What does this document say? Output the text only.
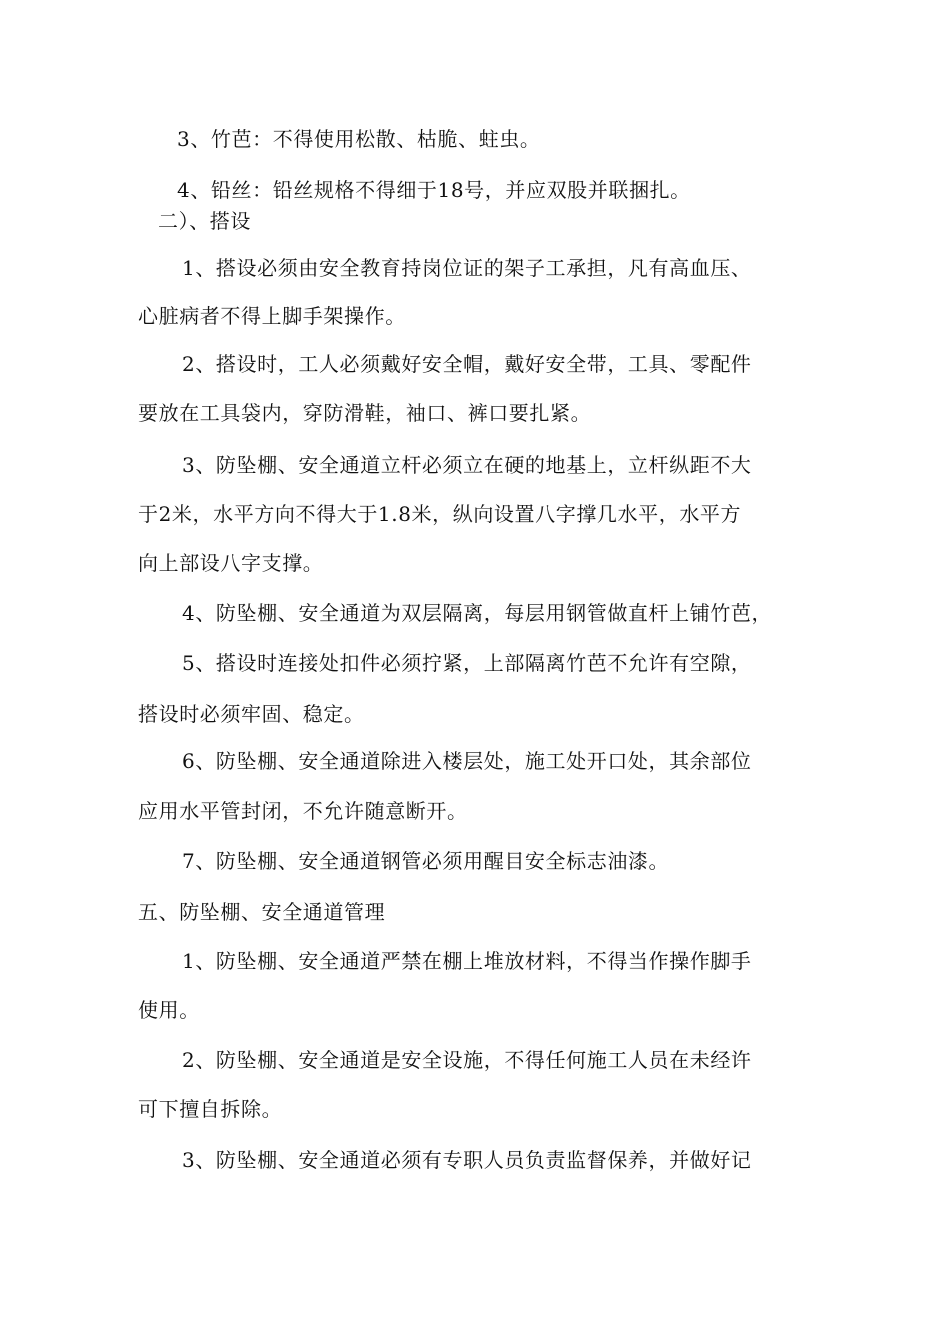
3、竹芭：不得使用松散、枯脆、蛀虫。
4、铅丝：铅丝规格不得细于18号，并应双股并联捆扎。
二）、搭设
1、搭设必须由安全教育持岗位证的架子工承担，凡有高血压、
心脏病者不得上脚手架操作。
2、搭设时，工人必须戴好安全帽，戴好安全带，工具、零配件
要放在工具袋内，穿防滑鞋，袖口、裤口要扎紧。
3、防坠棚、安全通道立杆必须立在硬的地基上，立杆纵距不大
于2米，水平方向不得大于1.8米，纵向设置八字撑几水平，水平方
向上部设八字支撑。
4、防坠棚、安全通道为双层隔离，每层用钢管做直杆上铺竹芭，
5、搭设时连接处扣件必须拧紧，上部隔离竹芭不允许有空隙，
搭设时必须牢固、稳定。
6、防坠棚、安全通道除进入楼层处，施工处开口处，其余部位
应用水平管封闭，不允许随意断开。
7、防坠棚、安全通道钢管必须用醒目安全标志油漆。
五、防坠棚、安全通道管理
1、防坠棚、安全通道严禁在棚上堆放材料，不得当作操作脚手
使用。
2、防坠棚、安全通道是安全设施，不得任何施工人员在未经许
可下擅自拆除。
3、防坠棚、安全通道必须有专职人员负责监督保养，并做好记
